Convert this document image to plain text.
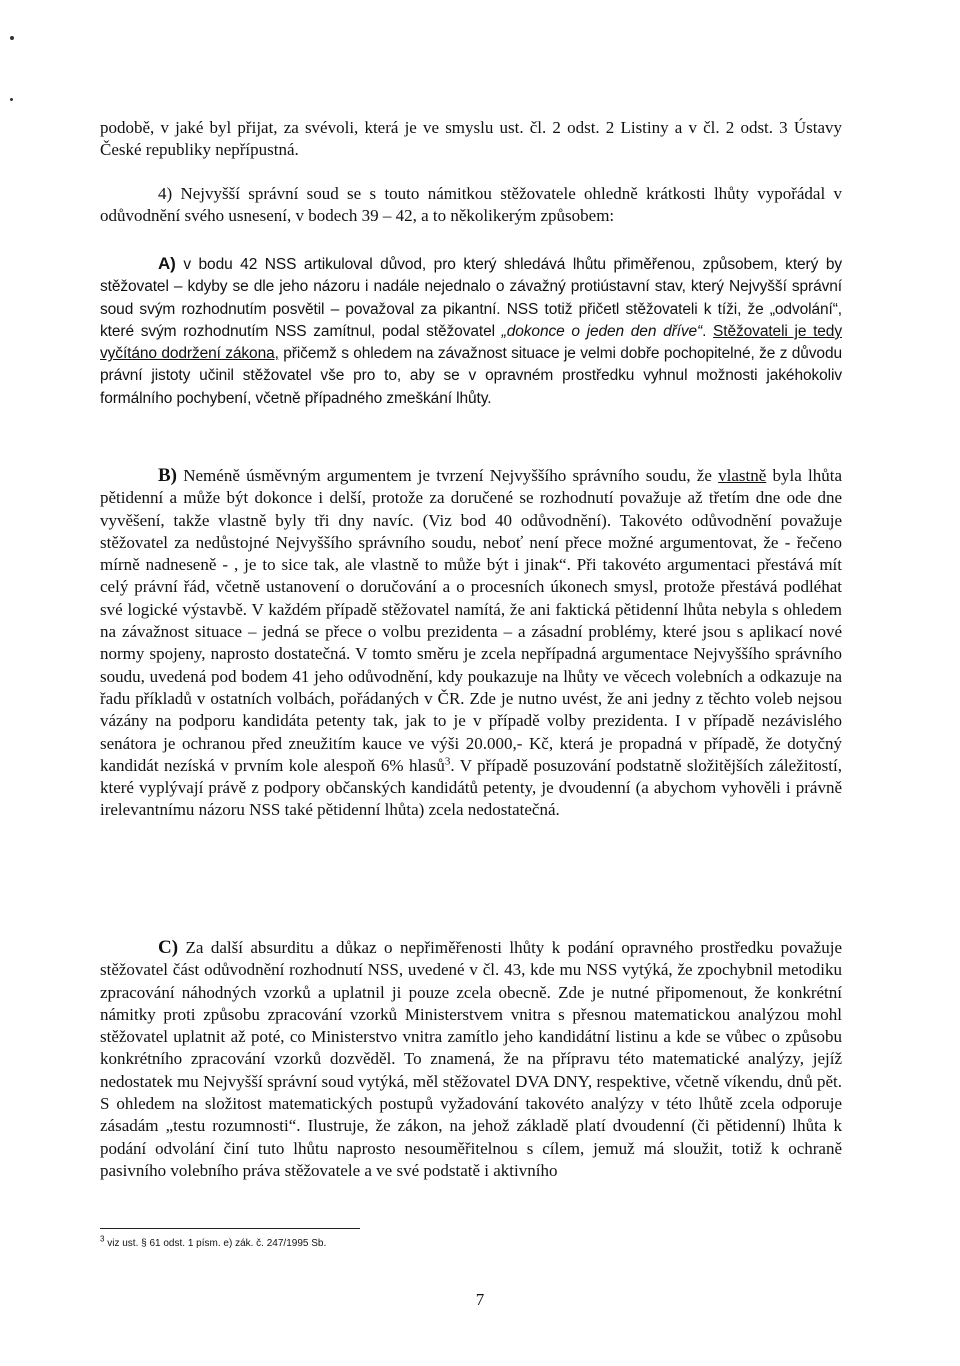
podobě, v jaké byl přijat, za svévoli, která je ve smyslu ust. čl. 2 odst. 2 Listiny a v čl. 2 odst. 3 Ústavy České republiky nepřípustná.

4) Nejvyšší správní soud se s touto námitkou stěžovatele ohledně krátkosti lhůty vypořádal v odůvodnění svého usnesení, v bodech 39 – 42, a to několikerým způsobem:

A) v bodu 42 NSS artikuloval důvod, pro který shledává lhůtu přiměřenou, způsobem, který by stěžovatel – kdyby se dle jeho názoru i nadále nejednalo o závažný protiústavní stav, který Nejvyšší správní soud svým rozhodnutím posvětil – považoval za pikantní. NSS totiž přičetl stěžovateli k tíži, že „odvolání“, které svým rozhodnutím NSS zamítnul, podal stěžovatel „dokonce o jeden den dříve“. Stěžovateli je tedy vyčítáno dodržení zákona, přičemž s ohledem na závažnost situace je velmi dobře pochopitelné, že z důvodu právní jistoty učinil stěžovatel vše pro to, aby se v opravném prostředku vyhnul možnosti jakéhokoliv formálního pochybení, včetně případného zmeškání lhůty.

B) Neméně úsměvným argumentem je tvrzení Nejvyššího správního soudu, že vlastně byla lhůta pětidenní a může být dokonce i delší, protože za doručené se rozhodnutí považuje až třetím dne ode dne vyvěšení, takže vlastně byly tři dny navíc. (Viz bod 40 odůvodnění). Takovéto odůvodnění považuje stěžovatel za nedůstojné Nejvyššího správního soudu, neboť není přece možné argumentovat, že - řečeno mírně nadneseně - , je to sice tak, ale vlastně to může být i jinak“. Při takovéto argumentaci přestává mít celý právní řád, včetně ustanovení o doručování a o procesních úkonech smysl, protože přestává podléhat své logické výstavbě. V každém případě stěžovatel namítá, že ani faktická pětidenní lhůta nebyla s ohledem na závažnost situace – jedná se přece o volbu prezidenta – a zásadní problémy, které jsou s aplikací nové normy spojeny, naprosto dostatečná. V tomto směru je zcela nepřípadná argumentace Nejvyššího správního soudu, uvedená pod bodem 41 jeho odůvodnění, kdy poukazuje na lhůty ve věcech volebních a odkazuje na řadu příkladů v ostatních volbách, pořádaných v ČR. Zde je nutno uvést, že ani jedny z těchto voleb nejsou vázány na podporu kandidáta petenty tak, jak to je v případě volby prezidenta. I v případě nezávislého senátora je ochranou před zneužitím kauce ve výši 20.000,- Kč, která je propadná v případě, že dotyčný kandidát nezíská v prvním kole alespoň 6% hlasů$^3$. V případě posuzování podstatně složitějších záležitostí, které vyplývají právě z podpory občanských kandidátů petenty, je dvoudenní (a abychom vyhověli i právně irelevantnímu názoru NSS také pětidenní lhůta) zcela nedostatečná.

C) Za další absurditu a důkaz o nepřiměřenosti lhůty k podání opravného prostředku považuje stěžovatel část odůvodnění rozhodnutí NSS, uvedené v čl. 43, kde mu NSS vytýká, že zpochybnil metodiku zpracování náhodných vzorků a uplatnil ji pouze zcela obecně. Zde je nutné připomenout, že konkrétní námitky proti způsobu zpracování vzorků Ministerstvem vnitra s přesnou matematickou analýzou mohl stěžovatel uplatnit až poté, co Ministerstvo vnitra zamítlo jeho kandidátní listinu a kde se vůbec o způsobu konkrétního zpracování vzorků dozvěděl. To znamená, že na přípravu této matematické analýzy, jejíž nedostatek mu Nejvyšší správní soud vytýká, měl stěžovatel DVA DNY, respektive, včetně víkendu, dnů pět. S ohledem na složitost matematických postupů vyžadování takovéto analýzy v této lhůtě zcela odporuje zásadám „testu rozumnosti“. Ilustruje, že zákon, na jehož základě platí dvoudenní (či pětidenní) lhůta k podání odvolání činí tuto lhůtu naprosto nesouměřitelnou s cílem, jemuž má sloužit, totiž k ochraně pasivního volebního práva stěžovatele a ve své podstatě i aktivního

$^3$ viz ust. § 61 odst. 1 písm. e) zák. č. 247/1995 Sb.
7
